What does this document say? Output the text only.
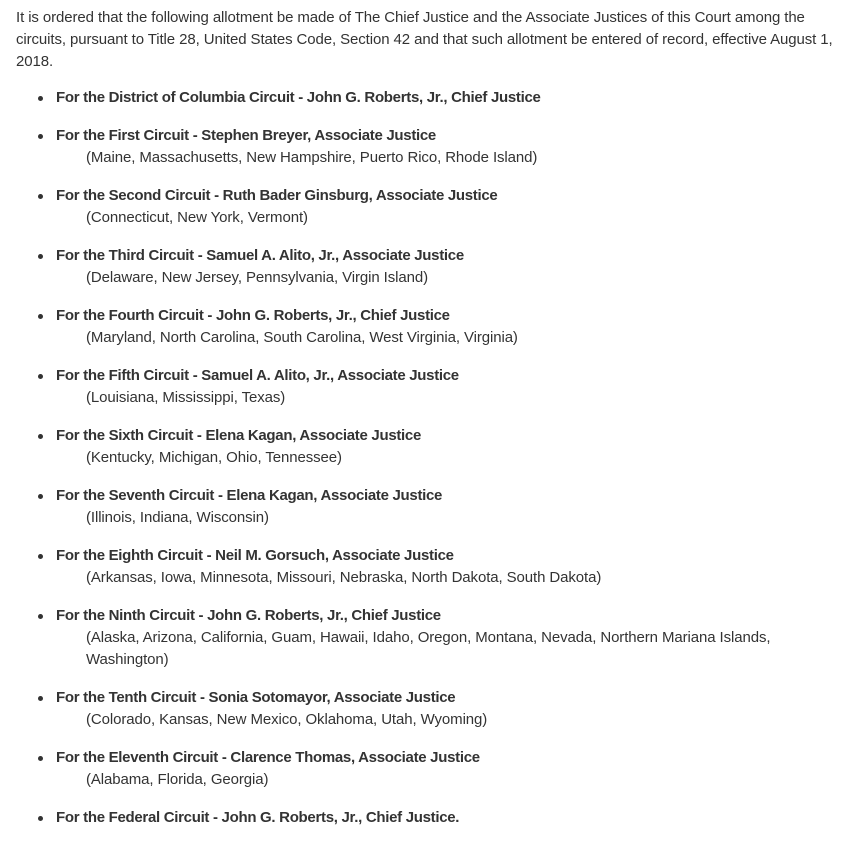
It is ordered that the following allotment be made of The Chief Justice and the Associate Justices of this Court among the circuits, pursuant to Title 28, United States Code, Section 42 and that such allotment be entered of record, effective August 1, 2018.

For the District of Columbia Circuit - John G. Roberts, Jr., Chief Justice
For the First Circuit - Stephen Breyer, Associate Justice
(Maine, Massachusetts, New Hampshire, Puerto Rico, Rhode Island)
For the Second Circuit - Ruth Bader Ginsburg, Associate Justice
(Connecticut, New York, Vermont)
For the Third Circuit - Samuel A. Alito, Jr., Associate Justice
(Delaware, New Jersey, Pennsylvania, Virgin Island)
For the Fourth Circuit - John G. Roberts, Jr., Chief Justice
(Maryland, North Carolina, South Carolina, West Virginia, Virginia)
For the Fifth Circuit - Samuel A. Alito, Jr., Associate Justice
(Louisiana, Mississippi, Texas)
For the Sixth Circuit - Elena Kagan, Associate Justice
(Kentucky, Michigan, Ohio, Tennessee)
For the Seventh Circuit - Elena Kagan, Associate Justice
(Illinois, Indiana, Wisconsin)
For the Eighth Circuit - Neil M. Gorsuch, Associate Justice
(Arkansas, Iowa, Minnesota, Missouri, Nebraska, North Dakota, South Dakota)
For the Ninth Circuit - John G. Roberts, Jr., Chief Justice
(Alaska, Arizona, California, Guam, Hawaii, Idaho, Oregon, Montana, Nevada, Northern Mariana Islands, Washington)
For the Tenth Circuit - Sonia Sotomayor, Associate Justice
(Colorado, Kansas, New Mexico, Oklahoma, Utah, Wyoming)
For the Eleventh Circuit - Clarence Thomas, Associate Justice
(Alabama, Florida, Georgia)
For the Federal Circuit - John G. Roberts, Jr., Chief Justice.
